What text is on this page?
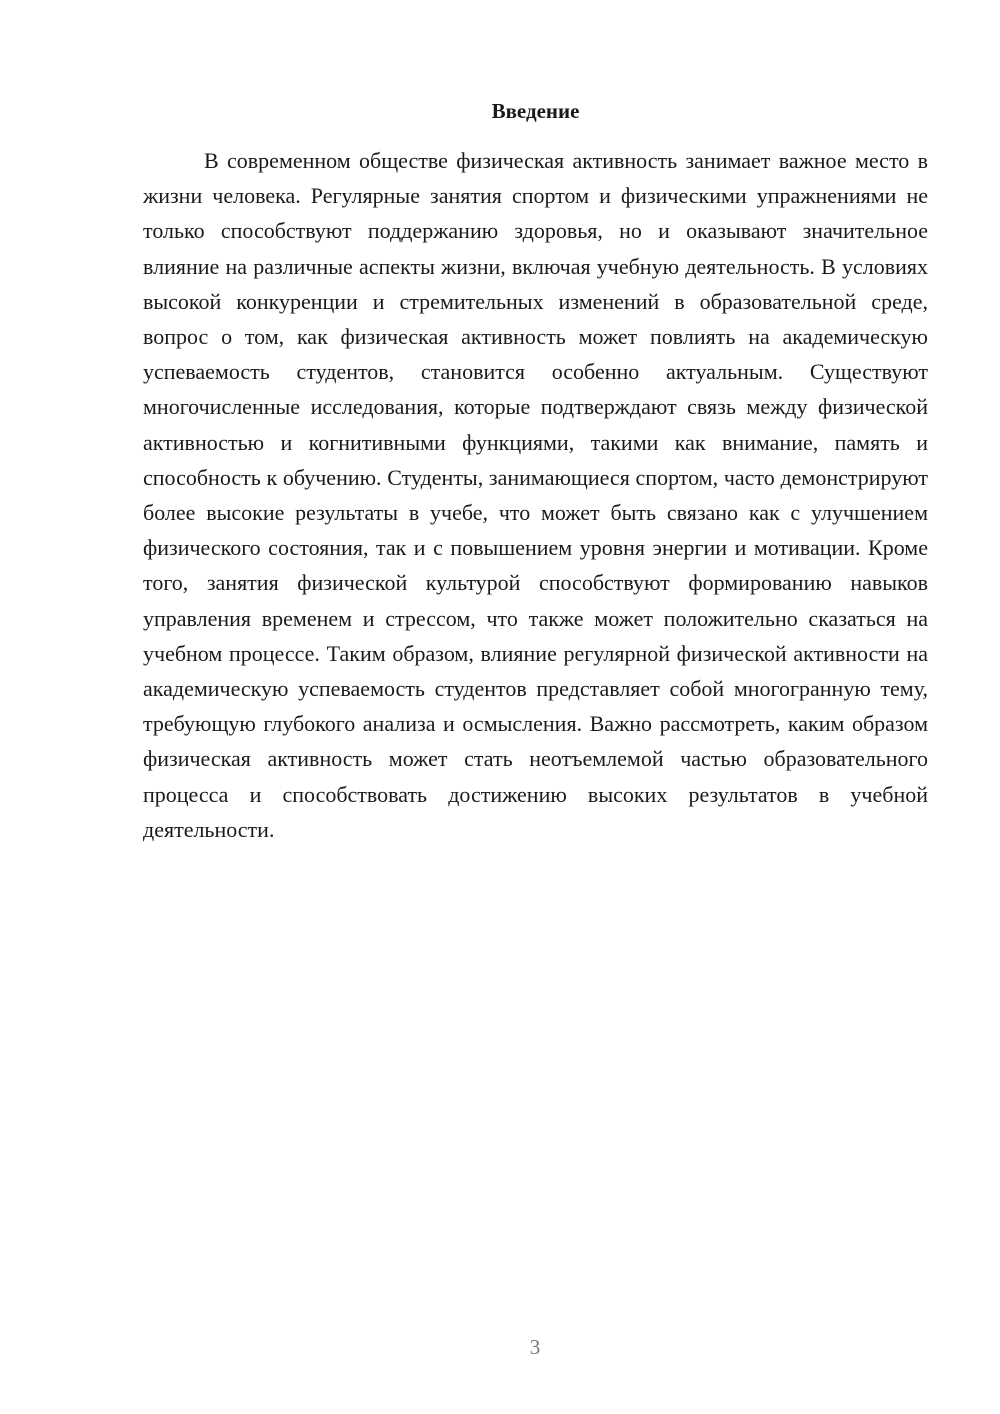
Введение

В современном обществе физическая активность занимает важное место в жизни человека. Регулярные занятия спортом и физическими упражнениями не только способствуют поддержанию здоровья, но и оказывают значительное влияние на различные аспекты жизни, включая учебную деятельность. В условиях высокой конкуренции и стремительных изменений в образовательной среде, вопрос о том, как физическая активность может повлиять на академическую успеваемость студентов, становится особенно актуальным. Существуют многочисленные исследования, которые подтверждают связь между физической активностью и когнитивными функциями, такими как внимание, память и способность к обучению. Студенты, занимающиеся спортом, часто демонстрируют более высокие результаты в учебе, что может быть связано как с улучшением физического состояния, так и с повышением уровня энергии и мотивации. Кроме того, занятия физической культурой способствуют формированию навыков управления временем и стрессом, что также может положительно сказаться на учебном процессе. Таким образом, влияние регулярной физической активности на академическую успеваемость студентов представляет собой многогранную тему, требующую глубокого анализа и осмысления. Важно рассмотреть, каким образом физическая активность может стать неотъемлемой частью образовательного процесса и способствовать достижению высоких результатов в учебной деятельности.

3
